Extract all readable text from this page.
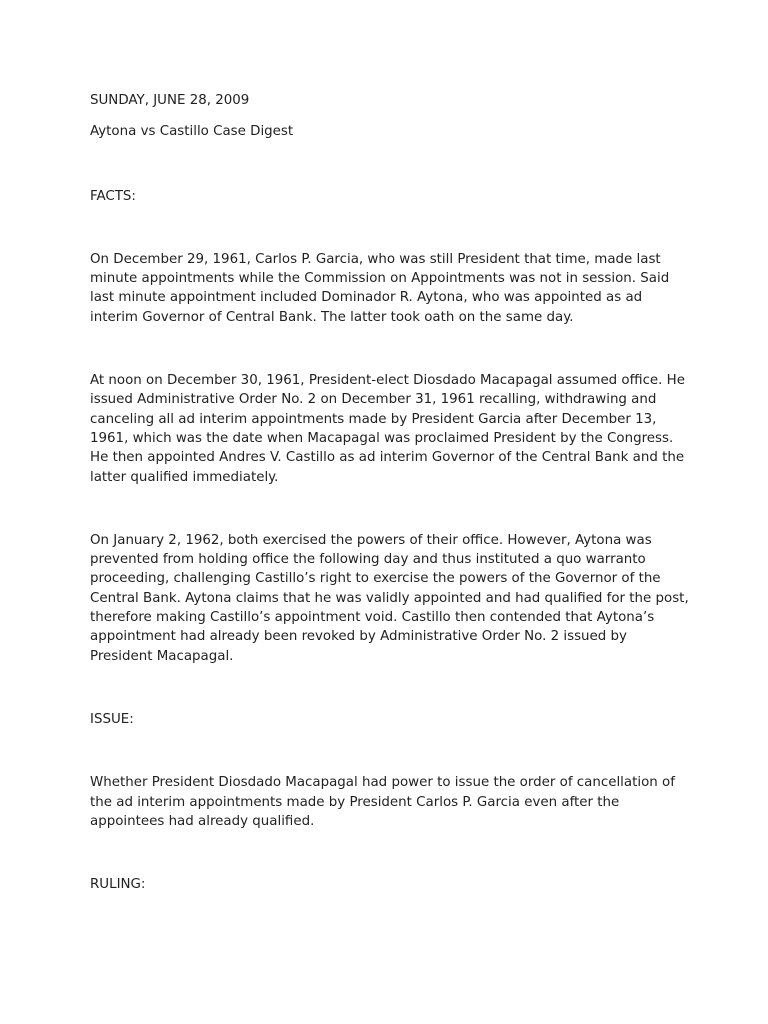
SUNDAY, JUNE 28, 2009

Aytona vs Castillo Case Digest

FACTS:

On December 29, 1961, Carlos P. Garcia, who was still President that time, made last minute appointments while the Commission on Appointments was not in session. Said last minute appointment included Dominador R. Aytona, who was appointed as ad interim Governor of Central Bank. The latter took oath on the same day.

At noon on December 30, 1961, President-elect Diosdado Macapagal assumed office. He issued Administrative Order No. 2 on December 31, 1961 recalling, withdrawing and canceling all ad interim appointments made by President Garcia after December 13, 1961, which was the date when Macapagal was proclaimed President by the Congress. He then appointed Andres V. Castillo as ad interim Governor of the Central Bank and the latter qualified immediately.

On January 2, 1962, both exercised the powers of their office. However, Aytona was prevented from holding office the following day and thus instituted a quo warranto proceeding, challenging Castillo’s right to exercise the powers of the Governor of the Central Bank. Aytona claims that he was validly appointed and had qualified for the post, therefore making Castillo’s appointment void. Castillo then contended that Aytona’s appointment had already been revoked by Administrative Order No. 2 issued by President Macapagal.

ISSUE:

Whether President Diosdado Macapagal had power to issue the order of cancellation of the ad interim appointments made by President Carlos P. Garcia even after the appointees had already qualified.

RULING:
